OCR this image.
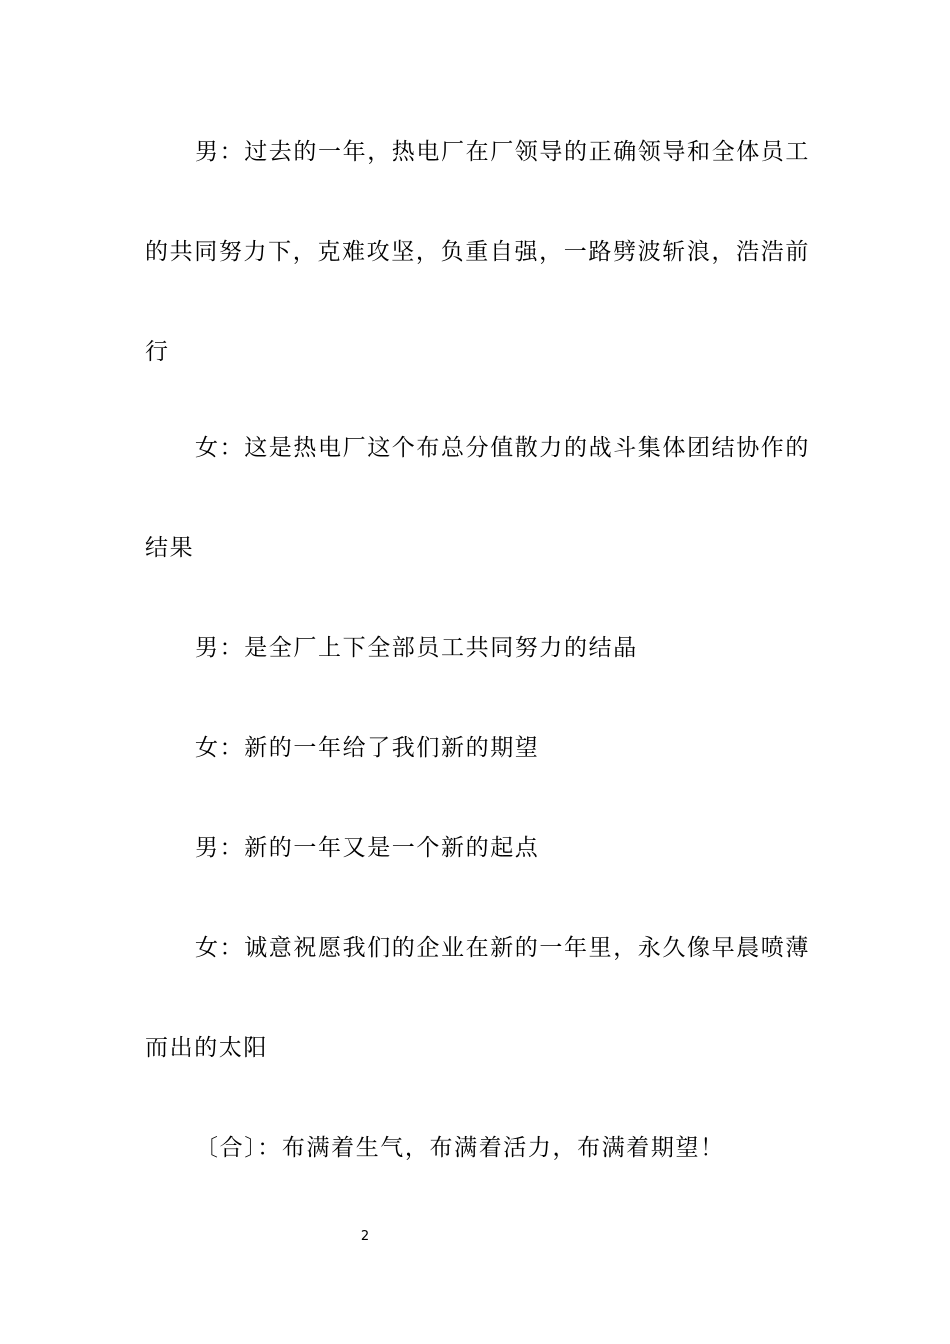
男：过去的一年，热电厂在厂领导的正确领导和全体员工的共同努力下，克难攻坚，负重自强，一路劈波斩浪，浩浩前行

女：这是热电厂这个布总分值散力的战斗集体团结协作的结果

男：是全厂上下全部员工共同努力的结晶

女：新的一年给了我们新的期望

男：新的一年又是一个新的起点

女：诚意祝愿我们的企业在新的一年里，永久像早晨喷薄而出的太阳

〔合〕：布满着生气，布满着活力，布满着期望！

2
